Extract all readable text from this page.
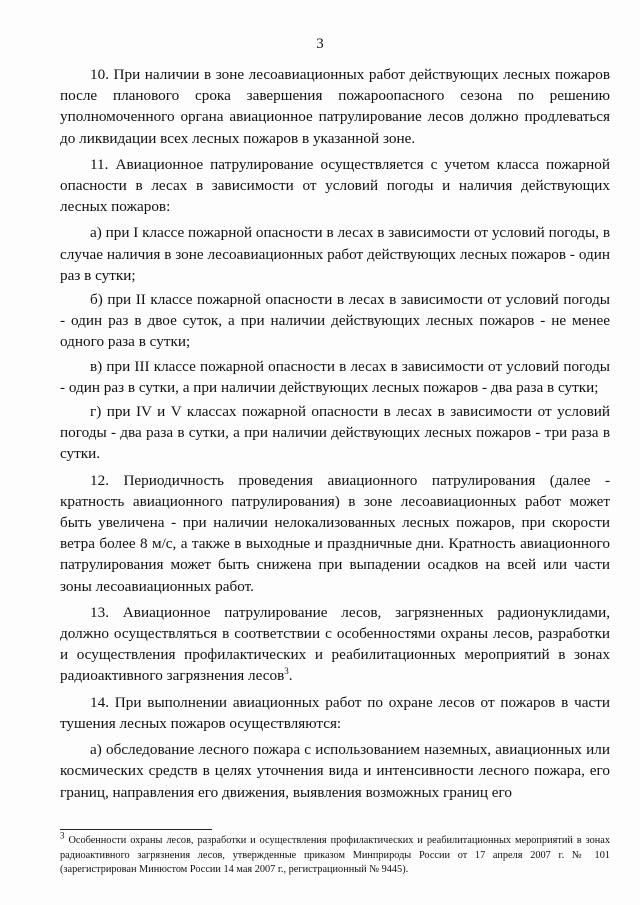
3

10. При наличии в зоне лесоавиационных работ действующих лесных пожаров после планового срока завершения пожароопасного сезона по решению уполномоченного органа авиационное патрулирование лесов должно продлеваться до ликвидации всех лесных пожаров в указанной зоне.

11. Авиационное патрулирование осуществляется с учетом класса пожарной опасности в лесах в зависимости от условий погоды и наличия действующих лесных пожаров:

а) при I классе пожарной опасности в лесах в зависимости от условий погоды, в случае наличия в зоне лесоавиационных работ действующих лесных пожаров - один раз в сутки;

б) при II классе пожарной опасности в лесах в зависимости от условий погоды - один раз в двое суток, а при наличии действующих лесных пожаров - не менее одного раза в сутки;

в) при III классе пожарной опасности в лесах в зависимости от условий погоды - один раз в сутки, а при наличии действующих лесных пожаров - два раза в сутки;

г) при IV и V классах пожарной опасности в лесах в зависимости от условий погоды - два раза в сутки, а при наличии действующих лесных пожаров - три раза в сутки.

12. Периодичность проведения авиационного патрулирования (далее - кратность авиационного патрулирования) в зоне лесоавиационных работ может быть увеличена - при наличии нелокализованных лесных пожаров, при скорости ветра более 8 м/с, а также в выходные и праздничные дни. Кратность авиационного патрулирования может быть снижена при выпадении осадков на всей или части зоны лесоавиационных работ.

13. Авиационное патрулирование лесов, загрязненных радионуклидами, должно осуществляться в соответствии с особенностями охраны лесов, разработки и осуществления профилактических и реабилитационных мероприятий в зонах радиоактивного загрязнения лесов$^3$.

14. При выполнении авиационных работ по охране лесов от пожаров в части тушения лесных пожаров осуществляются:

а) обследование лесного пожара с использованием наземных, авиационных или космических средств в целях уточнения вида и интенсивности лесного пожара, его границ, направления его движения, выявления возможных границ его

$^3$ Особенности охраны лесов, разработки и осуществления профилактических и реабилитационных мероприятий в зонах радиоактивного загрязнения лесов, утвержденные приказом Минприроды России от 17 апреля 2007 г. № 101 (зарегистрирован Минюстом России 14 мая 2007 г., регистрационный № 9445).
